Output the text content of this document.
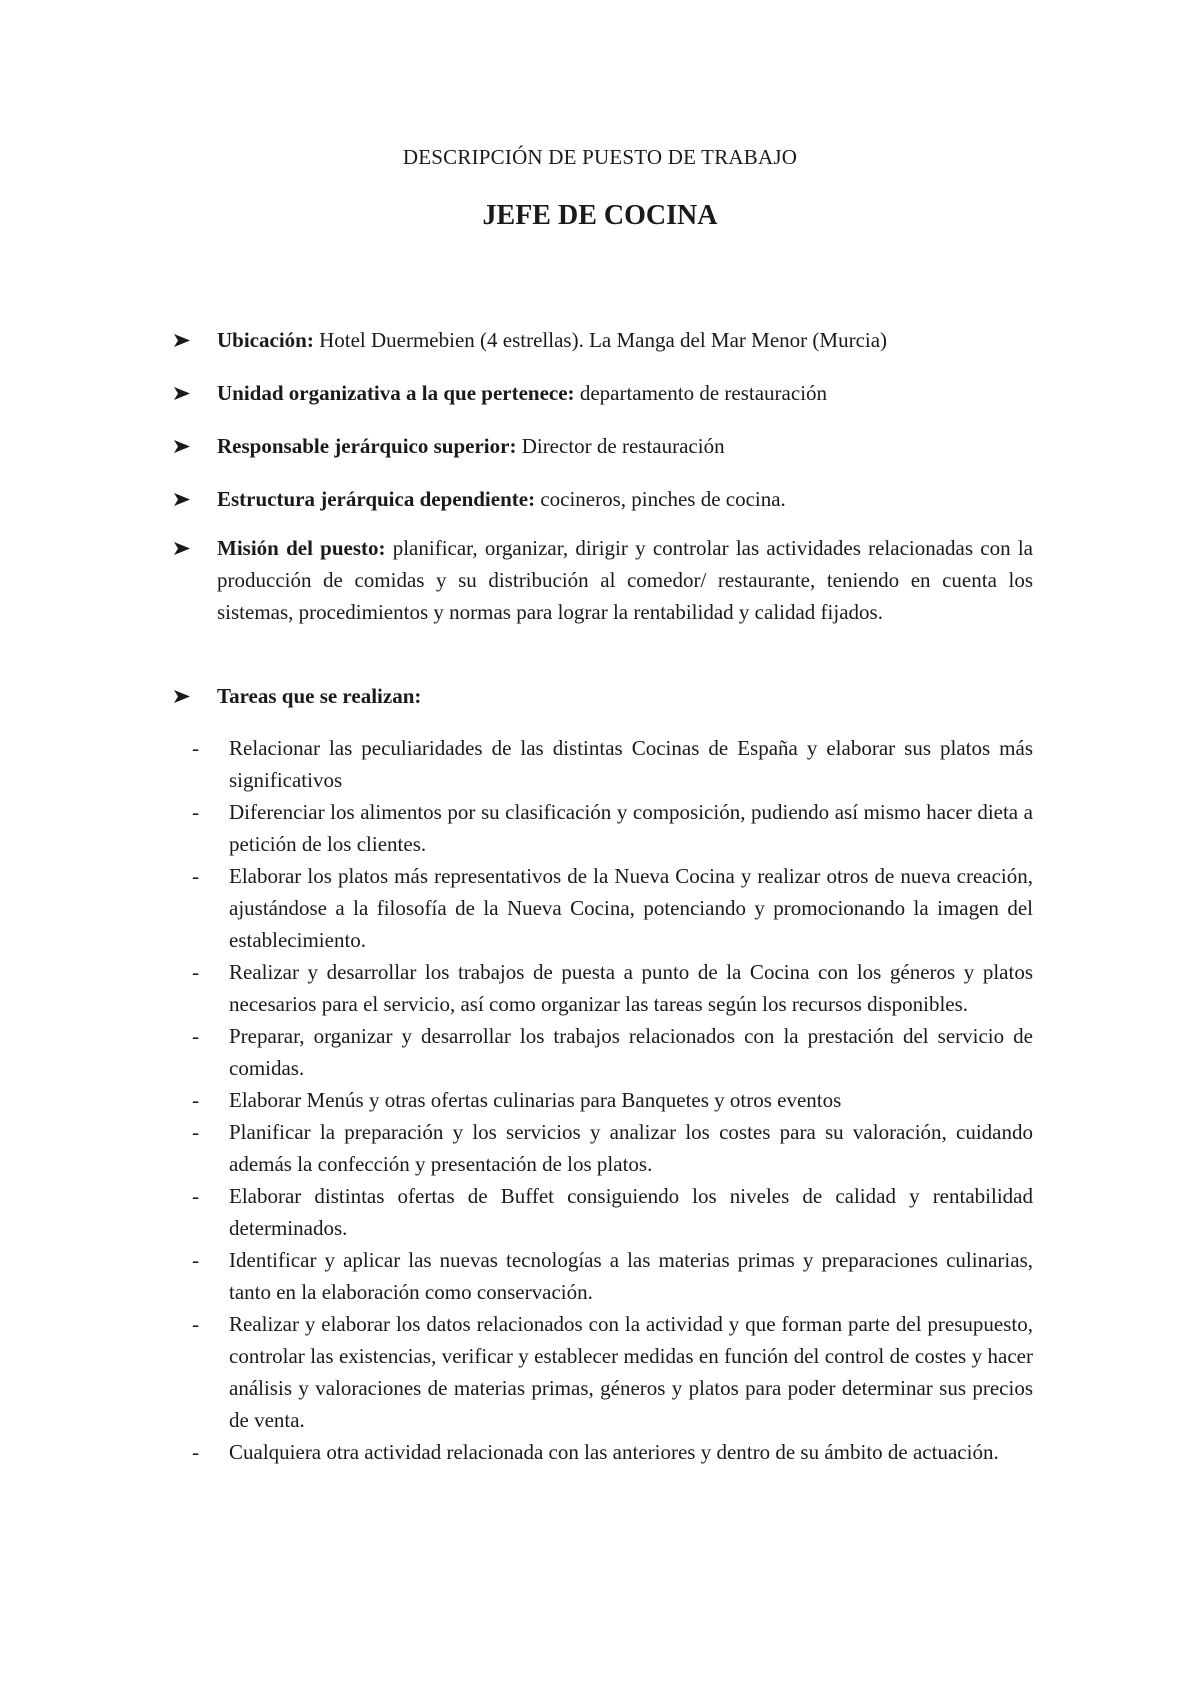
DESCRIPCIÓN DE PUESTO DE TRABAJO
JEFE DE COCINA
Ubicación: Hotel Duermebien (4 estrellas). La Manga del Mar Menor (Murcia)
Unidad organizativa a la que pertenece: departamento de restauración
Responsable jerárquico superior: Director de restauración
Estructura jerárquica dependiente: cocineros, pinches de cocina.
Misión del puesto: planificar, organizar, dirigir y controlar las actividades relacionadas con la producción de comidas y su distribución al comedor/ restaurante, teniendo en cuenta los sistemas, procedimientos y normas para lograr la rentabilidad y calidad fijados.
Tareas que se realizan:
- Relacionar las peculiaridades de las distintas Cocinas de España y elaborar sus platos más significativos
- Diferenciar los alimentos por su clasificación y composición, pudiendo así mismo hacer dieta a petición de los clientes.
- Elaborar los platos más representativos de la Nueva Cocina y realizar otros de nueva creación, ajustándose a la filosofía de la Nueva Cocina, potenciando y promocionando la imagen del establecimiento.
- Realizar y desarrollar los trabajos de puesta a punto de la Cocina con los géneros y platos necesarios para el servicio, así como organizar las tareas según los recursos disponibles.
- Preparar, organizar y desarrollar los trabajos relacionados con la prestación del servicio de comidas.
- Elaborar Menús y otras ofertas culinarias para Banquetes y otros eventos
- Planificar la preparación y los servicios y analizar los costes para su valoración, cuidando además la confección y presentación de los platos.
- Elaborar distintas ofertas de Buffet consiguiendo los niveles de calidad y rentabilidad determinados.
- Identificar y aplicar las nuevas tecnologías a las materias primas y preparaciones culinarias, tanto en la elaboración como conservación.
- Realizar y elaborar los datos relacionados con la actividad y que forman parte del presupuesto, controlar las existencias, verificar y establecer medidas en función del control de costes y hacer análisis y valoraciones de materias primas, géneros y platos para poder determinar sus precios de venta.
- Cualquiera otra actividad relacionada con las anteriores y dentro de su ámbito de actuación.
